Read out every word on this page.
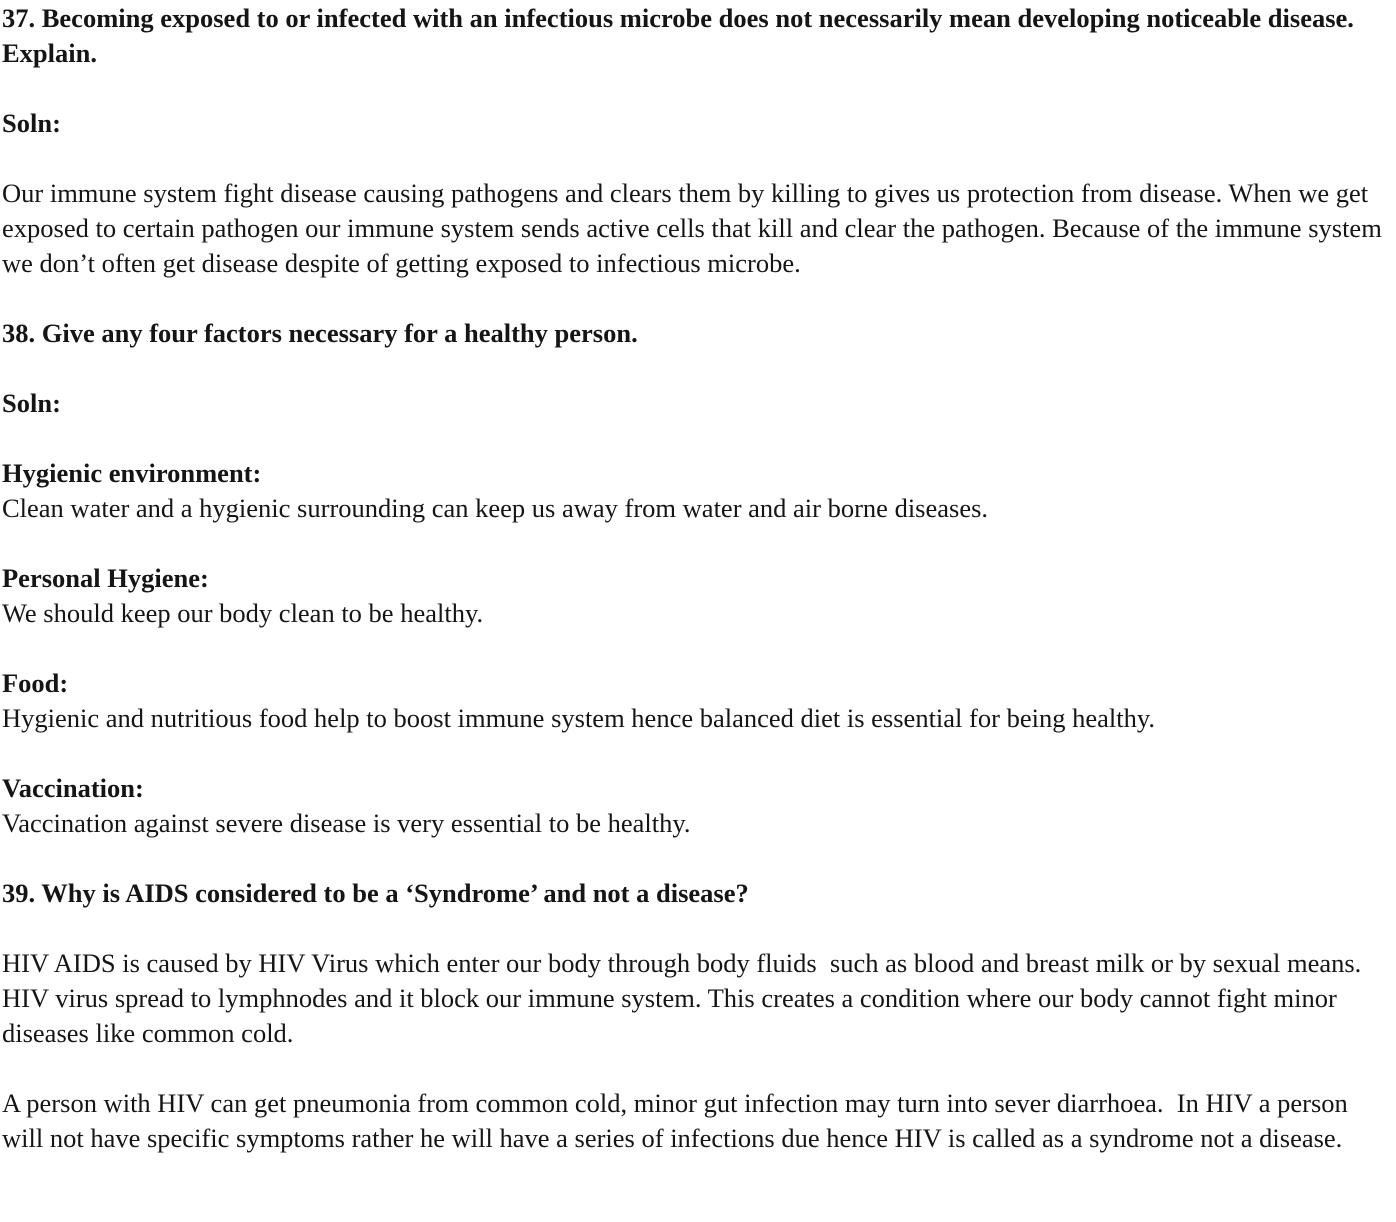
37. Becoming exposed to or infected with an infectious microbe does not necessarily mean developing noticeable disease. Explain.

Soln:

Our immune system fight disease causing pathogens and clears them by killing to gives us protection from disease. When we get exposed to certain pathogen our immune system sends active cells that kill and clear the pathogen. Because of the immune system we don’t often get disease despite of getting exposed to infectious microbe.

38. Give any four factors necessary for a healthy person.

Soln:

Hygienic environment:

Clean water and a hygienic surrounding can keep us away from water and air borne diseases.

Personal Hygiene:

We should keep our body clean to be healthy.

Food:

Hygienic and nutritious food help to boost immune system hence balanced diet is essential for being healthy.

Vaccination:

Vaccination against severe disease is very essential to be healthy.

39. Why is AIDS considered to be a ‘Syndrome’ and not a disease?

HIV AIDS is caused by HIV Virus which enter our body through body fluids  such as blood and breast milk or by sexual means. HIV virus spread to lymphnodes and it block our immune system. This creates a condition where our body cannot fight minor diseases like common cold.

A person with HIV can get pneumonia from common cold, minor gut infection may turn into sever diarrhoea.  In HIV a person will not have specific symptoms rather he will have a series of infections due hence HIV is called as a syndrome not a disease.
